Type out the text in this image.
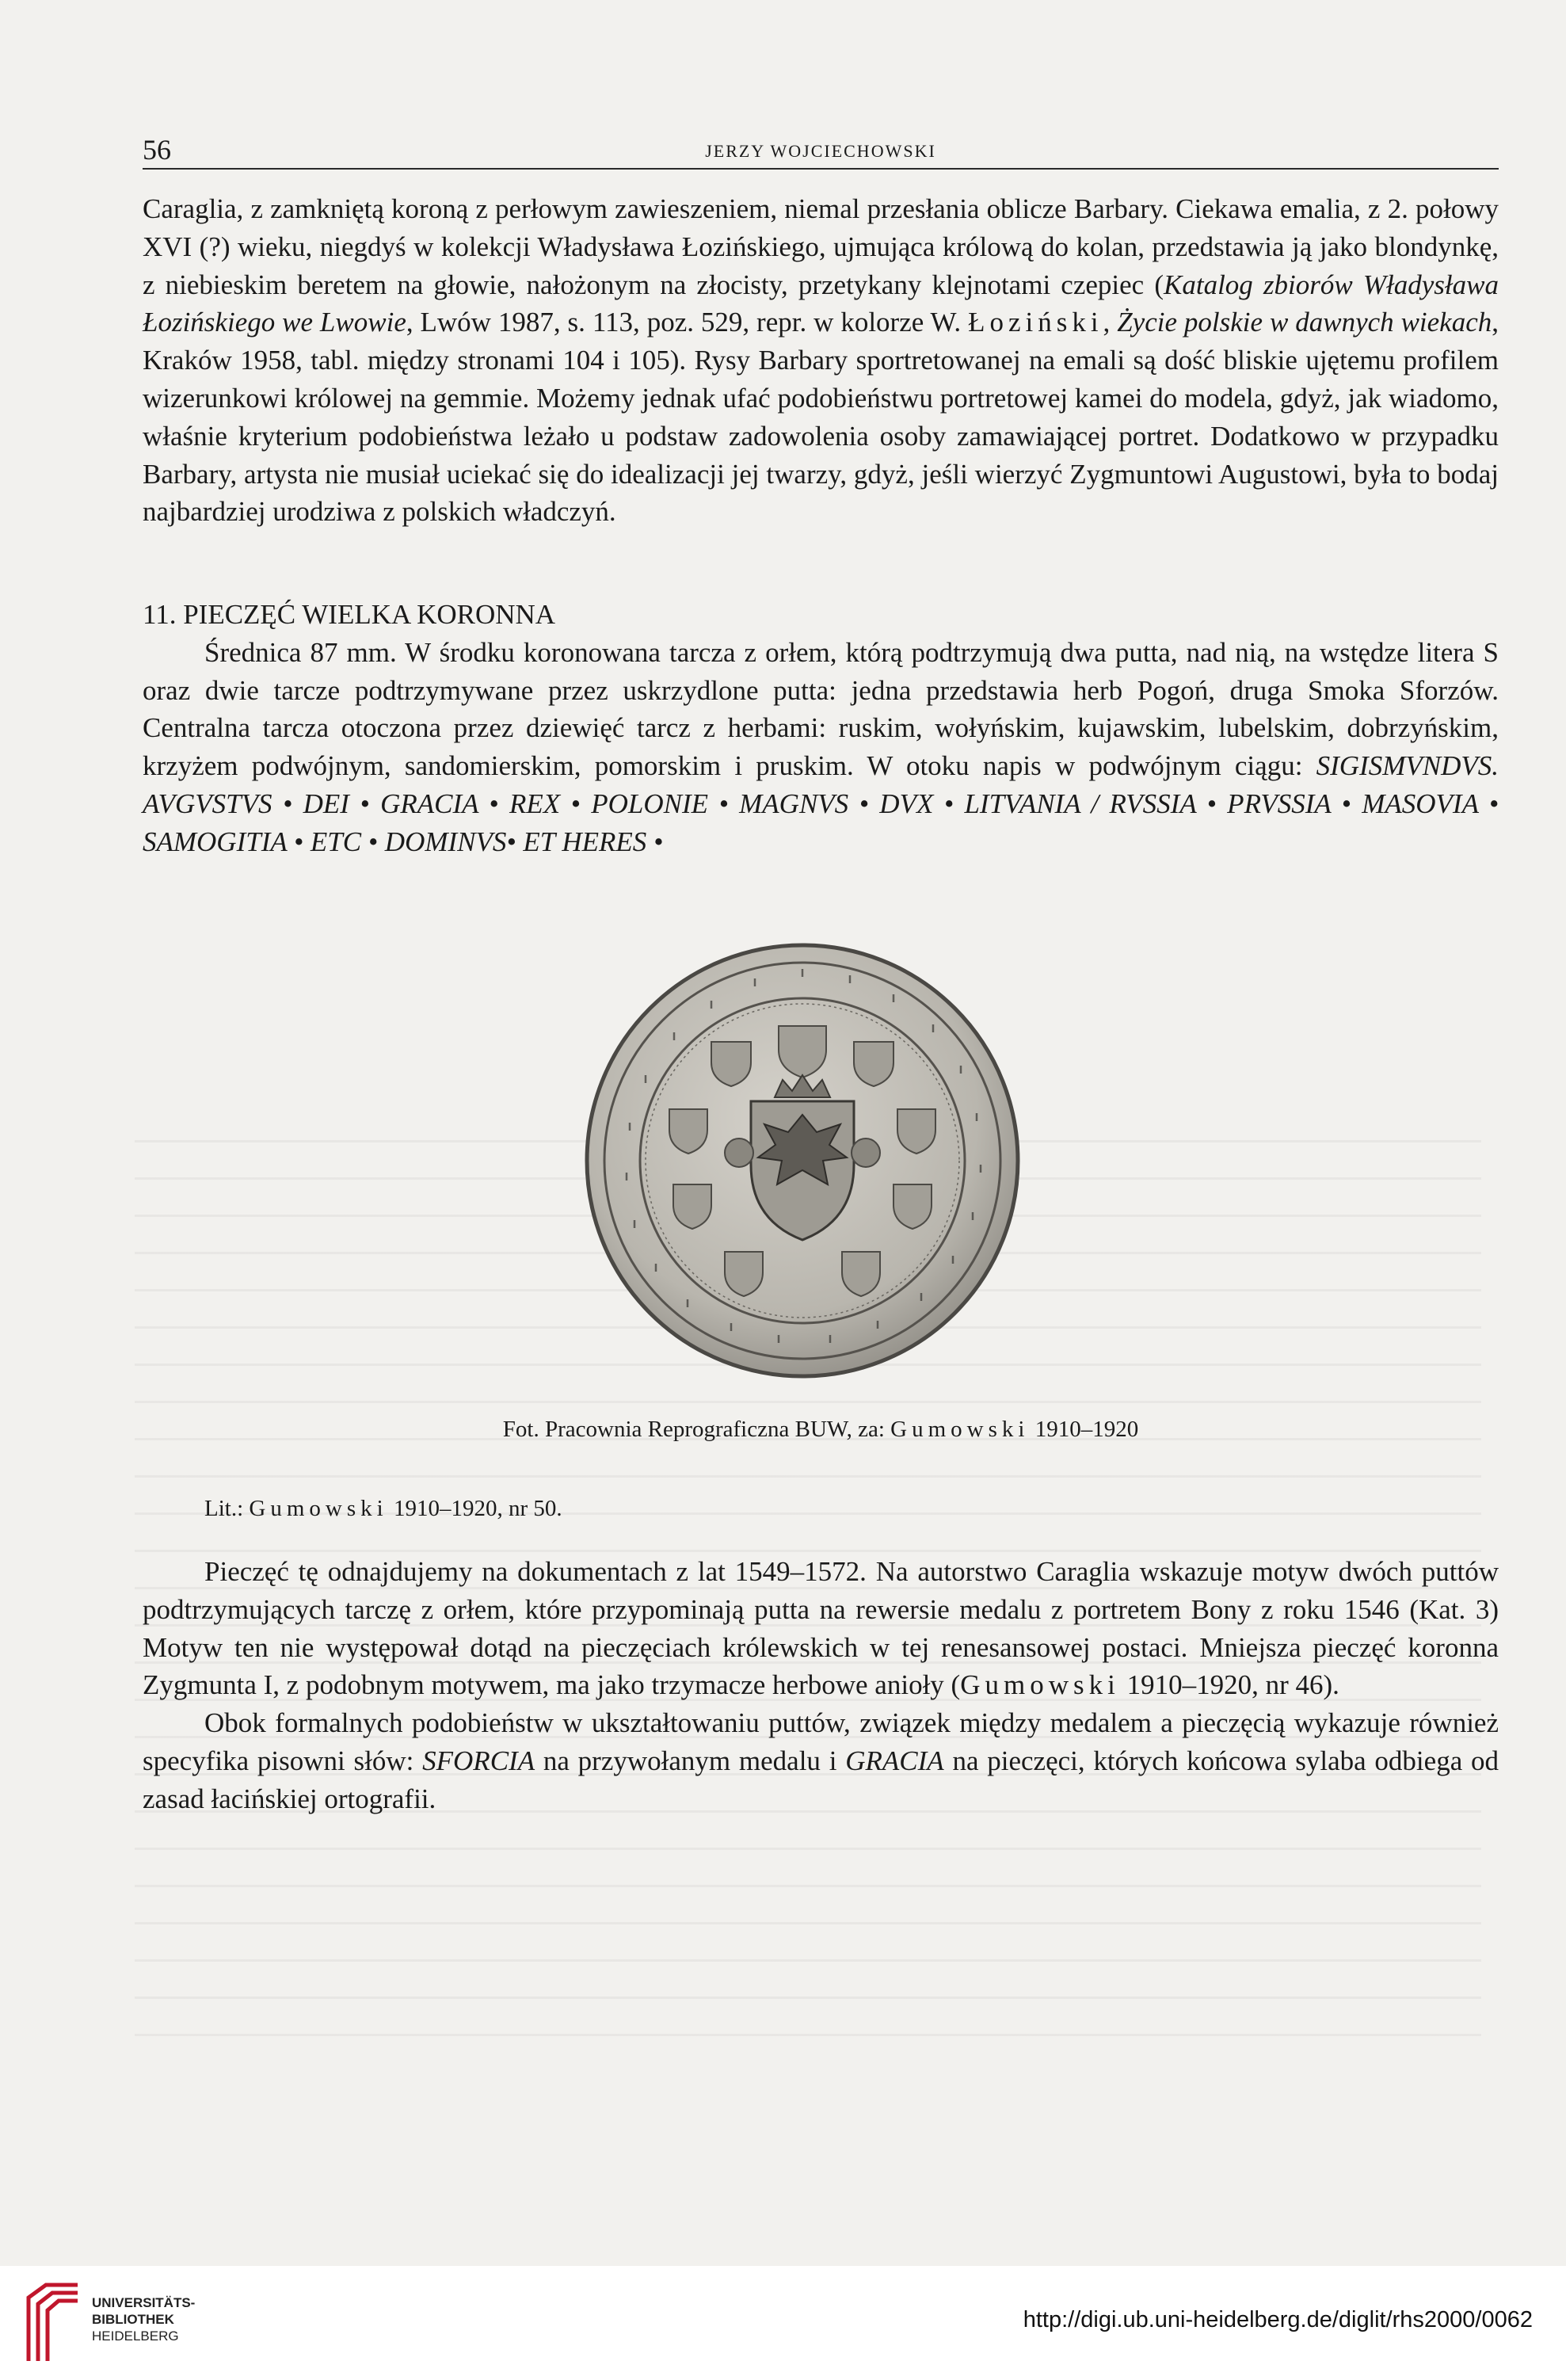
56	JERZY WOJCIECHOWSKI

Caraglia, z zamkniętą koroną z perłowym zawieszeniem, niemal przesłania oblicze Barbary. Ciekawa emalia, z 2. połowy XVI (?) wieku, niegdyś w kolekcji Władysława Łozińskiego, ujmująca królową do kolan, przedstawia ją jako blondynkę, z niebieskim beretem na głowie, nałożonym na złocisty, przetykany klejnotami czepiec (Katalog zbiorów Władysława Łozińskiego we Lwowie, Lwów 1987, s. 113, poz. 529, repr. w kolorze W. Łoziński, Życie polskie w dawnych wiekach, Kraków 1958, tabl. między stronami 104 i 105). Rysy Barbary sportretowanej na emali są dość bliskie ujętemu profilem wizerunkowi królowej na gemmie. Możemy jednak ufać podobieństwu portretowej kamei do modela, gdyż, jak wiadomo, właśnie kryterium podobieństwa leżało u podstaw zadowolenia osoby zamawiającej portret. Dodatkowo w przypadku Barbary, artysta nie musiał uciekać się do idealizacji jej twarzy, gdyż, jeśli wierzyć Zygmuntowi Augustowi, była to bodaj najbardziej urodziwa z polskich władczyń.

11. PIECZĘĆ WIELKA KORONNA

Średnica 87 mm. W środku koronowana tarcza z orłem, którą podtrzymują dwa putta, nad nią, na wstędze litera S oraz dwie tarcze podtrzymywane przez uskrzydlone putta: jedna przedstawia herb Pogoń, druga Smoka Sforzów. Centralna tarcza otoczona przez dziewięć tarcz z herbami: ruskim, wołyńskim, kujawskim, lubelskim, dobrzyńskim, krzyżem podwójnym, sandomierskim, pomorskim i pruskim. W otoku napis w podwójnym ciągu: SIGISMVNDVS. AVGVSTVS • DEI • GRACIA • REX • POLONIE • MAGNVS • DVX • LITVANIA / RVSSIA • PRVSSIA • MASOVIA • SAMOGITIA • ETC • DOMINVS• ET HERES •

Fot. Pracownia Reprograficzna BUW, za: Gumowski 1910–1920
Lit.: Gumowski 1910–1920, nr 50.

Pieczęć tę odnajdujemy na dokumentach z lat 1549–1572. Na autorstwo Caraglia wskazuje motyw dwóch puttów podtrzymujących tarczę z orłem, które przypominają putta na rewersie medalu z portretem Bony z roku 1546 (Kat. 3) Motyw ten nie występował dotąd na pieczęciach królewskich w tej renesansowej postaci. Mniejsza pieczęć koronna Zygmunta I, z podobnym motywem, ma jako trzymacze herbowe anioły (Gumowski 1910–1920, nr 46).

Obok formalnych podobieństw w ukształtowaniu puttów, związek między medalem a pieczęcią wykazuje również specyfika pisowni słów: SFORCIA na przywołanym medalu i GRACIA na pieczęci, których końcowa sylaba odbiega od zasad łacińskiej ortografii.

UNIVERSITÄTS-
BIBLIOTHEK
HEIDELBERG
http://digi.ub.uni-heidelberg.de/diglit/rhs2000/0062
